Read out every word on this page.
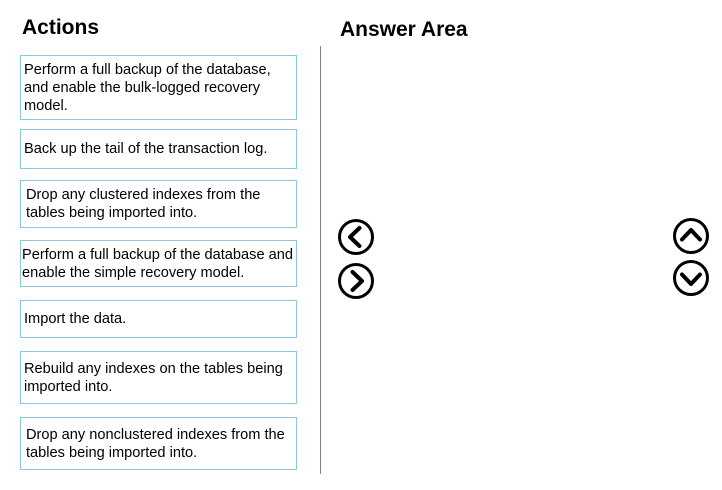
Actions	Answer Area
Perform a full backup of the database, and enable the bulk-logged recovery model.
Back up the tail of the transaction log.
Drop any clustered indexes from the tables being imported into.
Perform a full backup of the database and enable the simple recovery model.
Import the data.
Rebuild any indexes on the tables being imported into.
Drop any nonclustered indexes from the tables being imported into.
